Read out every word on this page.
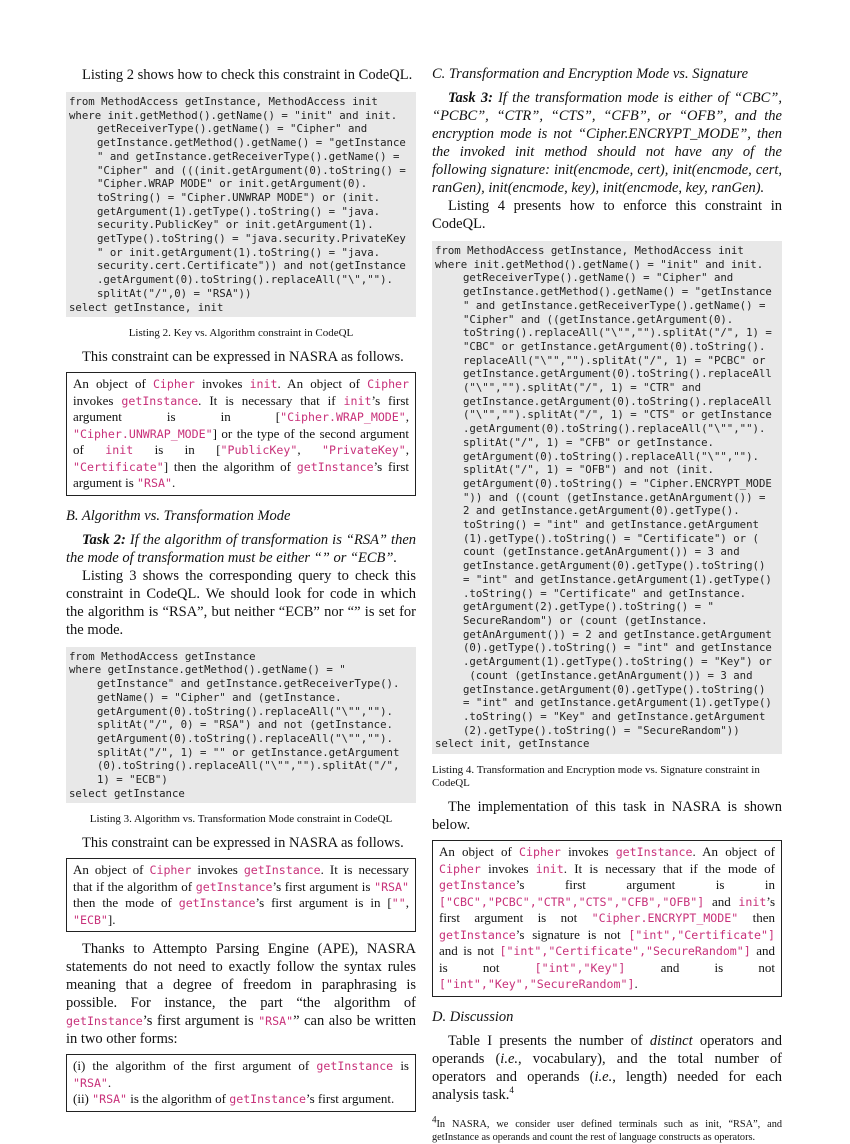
Listing 2 shows how to check this constraint in CodeQL.

from MethodAccess getInstance, MethodAccess init
where init.getMethod().getName() = "init" and init.
getReceiverType().getName() = "Cipher" and
getInstance.getMethod().getName() = "getInstance
" and getInstance.getReceiverType().getName() =
"Cipher" and (((init.getArgument(0).toString() =
"Cipher.WRAP MODE" or init.getArgument(0).
toString() = "Cipher.UNWRAP MODE") or (init.
getArgument(1).getType().toString() = "java.
security.PublicKey" or init.getArgument(1).
getType().toString() = "java.security.PrivateKey
" or init.getArgument(1).toString() = "java.
security.cert.Certificate")) and not(getInstance
.getArgument(0).toString().replaceAll("\","").
splitAt("/",0) = "RSA"))
select getInstance, init
Listing 2. Key vs. Algorithm constraint in CodeQL

This constraint can be expressed in NASRA as follows.

An object of Cipher invokes init. An object of Cipher invokes getInstance. It is necessary that if init’s first argument is in ["Cipher.WRAP_MODE", "Cipher.UNWRAP_MODE"] or the type of the second argument of init is in ["PublicKey", "PrivateKey", "Certificate"] then the algorithm of getInstance’s first argument is "RSA".
B. Algorithm vs. Transformation Mode

Task 2: If the algorithm of transformation is “RSA” then the mode of transformation must be either “” or “ECB”.

Listing 3 shows the corresponding query to check this constraint in CodeQL. We should look for code in which the algorithm is “RSA”, but neither “ECB” nor “” is set for the mode.

from MethodAccess getInstance
where getInstance.getMethod().getName() = "
getInstance" and getInstance.getReceiverType().
getName() = "Cipher" and (getInstance.
getArgument(0).toString().replaceAll("\"","").
splitAt("/", 0) = "RSA") and not (getInstance.
getArgument(0).toString().replaceAll("\"","").
splitAt("/", 1) = "" or getInstance.getArgument
(0).toString().replaceAll("\"","").splitAt("/",
1) = "ECB")
select getInstance
Listing 3. Algorithm vs. Transformation Mode constraint in CodeQL

This constraint can be expressed in NASRA as follows.

An object of Cipher invokes getInstance. It is necessary that if the algorithm of getInstance’s first argument is "RSA" then the mode of getInstance’s first argument is in ["", "ECB"].

Thanks to Attempto Parsing Engine (APE), NASRA statements do not need to exactly follow the syntax rules meaning that a degree of freedom in paraphrasing is possible. For instance, the part “the algorithm of getInstance’s first argument is "RSA"” can also be written in two other forms:

(i) the algorithm of the first argument of getInstance is "RSA".
(ii) "RSA" is the algorithm of getInstance’s first argument.
C. Transformation and Encryption Mode vs. Signature

Task 3: If the transformation mode is either of “CBC”, “PCBC”, “CTR”, “CTS”, “CFB”, or “OFB”, and the encryption mode is not “Cipher.ENCRYPT_MODE”, then the invoked init method should not have any of the following signature: init(encmode, cert), init(encmode, cert, ranGen), init(encmode, key), init(encmode, key, ranGen).

Listing 4 presents how to enforce this constraint in CodeQL.

from MethodAccess getInstance, MethodAccess init
where init.getMethod().getName() = "init" and init.
getReceiverType().getName() = "Cipher" and
getInstance.getMethod().getName() = "getInstance
" and getInstance.getReceiverType().getName() =
"Cipher" and ((getInstance.getArgument(0).
toString().replaceAll("\"","").splitAt("/", 1) =
"CBC" or getInstance.getArgument(0).toString().
replaceAll("\"","").splitAt("/", 1) = "PCBC" or
getInstance.getArgument(0).toString().replaceAll
("\"","").splitAt("/", 1) = "CTR" and
getInstance.getArgument(0).toString().replaceAll
("\"","").splitAt("/", 1) = "CTS" or getInstance
.getArgument(0).toString().replaceAll("\"","").
splitAt("/", 1) = "CFB" or getInstance.
getArgument(0).toString().replaceAll("\"","").
splitAt("/", 1) = "OFB") and not (init.
getArgument(0).toString() = "Cipher.ENCRYPT_MODE
")) and ((count (getInstance.getAnArgument()) =
2 and getInstance.getArgument(0).getType().
toString() = "int" and getInstance.getArgument
(1).getType().toString() = "Certificate") or (
count (getInstance.getAnArgument()) = 3 and
getInstance.getArgument(0).getType().toString()
= "int" and getInstance.getArgument(1).getType()
.toString() = "Certificate" and getInstance.
getArgument(2).getType().toString() = "
SecureRandom") or (count (getInstance.
getAnArgument()) = 2 and getInstance.getArgument
(0).getType().toString() = "int" and getInstance
.getArgument(1).getType().toString() = "Key") or
(count (getInstance.getAnArgument()) = 3 and
getInstance.getArgument(0).getType().toString()
= "int" and getInstance.getArgument(1).getType()
.toString() = "Key" and getInstance.getArgument
(2).getType().toString() = "SecureRandom"))
select init, getInstance
Listing 4. Transformation and Encryption mode vs. Signature constraint in CodeQL

The implementation of this task in NASRA is shown below.

An object of Cipher invokes getInstance. An object of Cipher invokes init. It is necessary that if the mode of getInstance’s first argument is in ["CBC","PCBC","CTR","CTS","CFB","OFB"] and init’s first argument is not "Cipher.ENCRYPT_MODE" then getInstance’s signature is not ["int","Certificate"] and is not ["int","Certificate","SecureRandom"] and is not ["int","Key"] and is not ["int","Key","SecureRandom"].
D. Discussion

Table I presents the number of distinct operators and operands (i.e., vocabulary), and the total number of operators and operands (i.e., length) needed for each analysis task.$^4$

$^4$In NASRA, we consider user defined terminals such as init, “RSA”, and getInstance as operands and count the rest of language constructs as operators.
